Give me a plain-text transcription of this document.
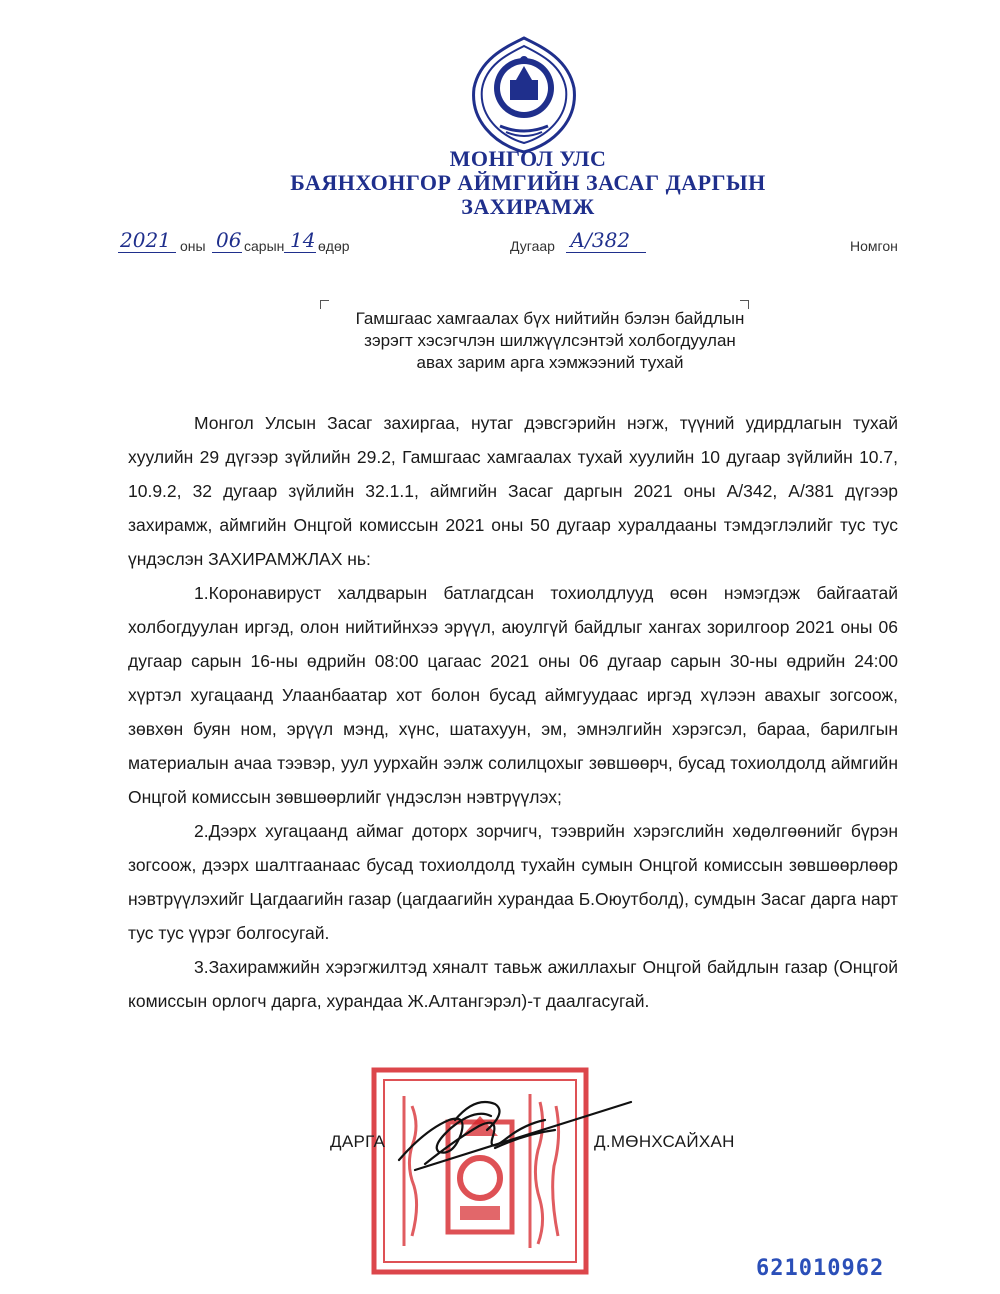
МОНГОЛ УЛС
БАЯНХОНГОР АЙМГИЙН ЗАСАГ ДАРГЫН
ЗАХИРАМЖ
2021 оны 06 сарын 14 өдөр	Дугаар А/382	Номгон
Гамшгаас хамгаалах бүх нийтийн бэлэн байдлын
зэрэгт хэсэгчлэн шилжүүлсэнтэй холбогдуулан
авах зарим арга хэмжээний тухай

Монгол Улсын Засаг захиргаа, нутаг дэвсгэрийн нэгж, түүний удирдлагын тухай хуулийн 29 дүгээр зүйлийн 29.2, Гамшгаас хамгаалах тухай хуулийн 10 дугаар зүйлийн 10.7, 10.9.2, 32 дугаар зүйлийн 32.1.1, аймгийн Засаг даргын 2021 оны А/342, А/381 дүгээр захирамж, аймгийн Онцгой комиссын 2021 оны 50 дугаар хуралдааны тэмдэглэлийг тус тус үндэслэн ЗАХИРАМЖЛАХ нь:

1.Коронавируст халдварын батлагдсан тохиолдлууд өсөн нэмэгдэж байгаатай холбогдуулан иргэд, олон нийтийнхээ эрүүл, аюулгүй байдлыг хангах зорилгоор 2021 оны 06 дугаар сарын 16-ны өдрийн 08:00 цагаас 2021 оны 06 дугаар сарын 30-ны өдрийн 24:00 хүртэл хугацаанд Улаанбаатар хот болон бусад аймгуудаас иргэд хүлээн авахыг зогсоож, зөвхөн буян ном, эрүүл мэнд, хүнс, шатахуун, эм, эмнэлгийн хэрэгсэл, бараа, барилгын материалын ачаа тээвэр, уул уурхайн ээлж солилцохыг зөвшөөрч, бусад тохиолдолд аймгийн Онцгой комиссын зөвшөөрлийг үндэслэн нэвтрүүлэх;

2.Дээрх хугацаанд аймаг доторх зорчигч, тээврийн хэрэгслийн хөдөлгөөнийг бүрэн зогсоож, дээрх шалтгаанаас бусад тохиолдолд тухайн сумын Онцгой комиссын зөвшөөрлөөр нэвтрүүлэхийг Цагдаагийн газар (цагдаагийн хурандаа Б.Оюутболд), сумдын Засаг дарга нарт тус тус үүрэг болгосугай.

3.Захирамжийн хэрэгжилтэд хяналт тавьж ажиллахыг Онцгой байдлын газар (Онцгой комиссын орлогч дарга, хурандаа Ж.Алтангэрэл)-т даалгасугай.

ДАРГА	Д.МӨНХСАЙХАН
621010962
